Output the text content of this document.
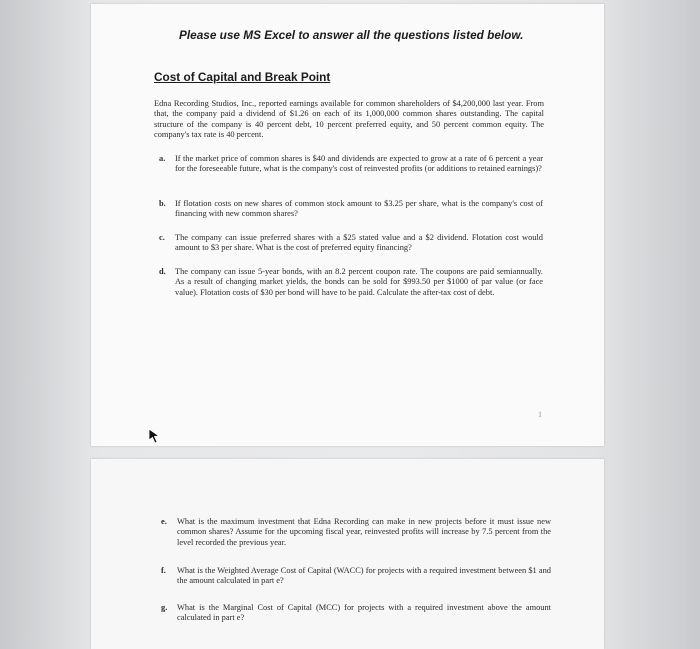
Please use MS Excel to answer all the questions listed below.
Cost of Capital and Break Point
Edna Recording Studios, Inc., reported earnings available for common shareholders of $4,200,000 last year. From that, the company paid a dividend of $1.26 on each of its 1,000,000 common shares outstanding. The capital structure of the company is 40 percent debt, 10 percent preferred equity, and 50 percent common equity. The company's tax rate is 40 percent.
a. If the market price of common shares is $40 and dividends are expected to grow at a rate of 6 percent a year for the foreseeable future, what is the company's cost of reinvested profits (or additions to retained earnings)?
b. If flotation costs on new shares of common stock amount to $3.25 per share, what is the company's cost of financing with new common shares?
c. The company can issue preferred shares with a $25 stated value and a $2 dividend. Flotation cost would amount to $3 per share. What is the cost of preferred equity financing?
d. The company can issue 5-year bonds, with an 8.2 percent coupon rate. The coupons are paid semiannually. As a result of changing market yields, the bonds can be sold for $993.50 per $1000 of par value (or face value). Flotation costs of $30 per bond will have to be paid. Calculate the after-tax cost of debt.
1
e. What is the maximum investment that Edna Recording can make in new projects before it must issue new common shares? Assume for the upcoming fiscal year, reinvested profits will increase by 7.5 percent from the level recorded the previous year.
f. What is the Weighted Average Cost of Capital (WACC) for projects with a required investment between $1 and the amount calculated in part e?
g. What is the Marginal Cost of Capital (MCC) for projects with a required investment above the amount calculated in part e?
